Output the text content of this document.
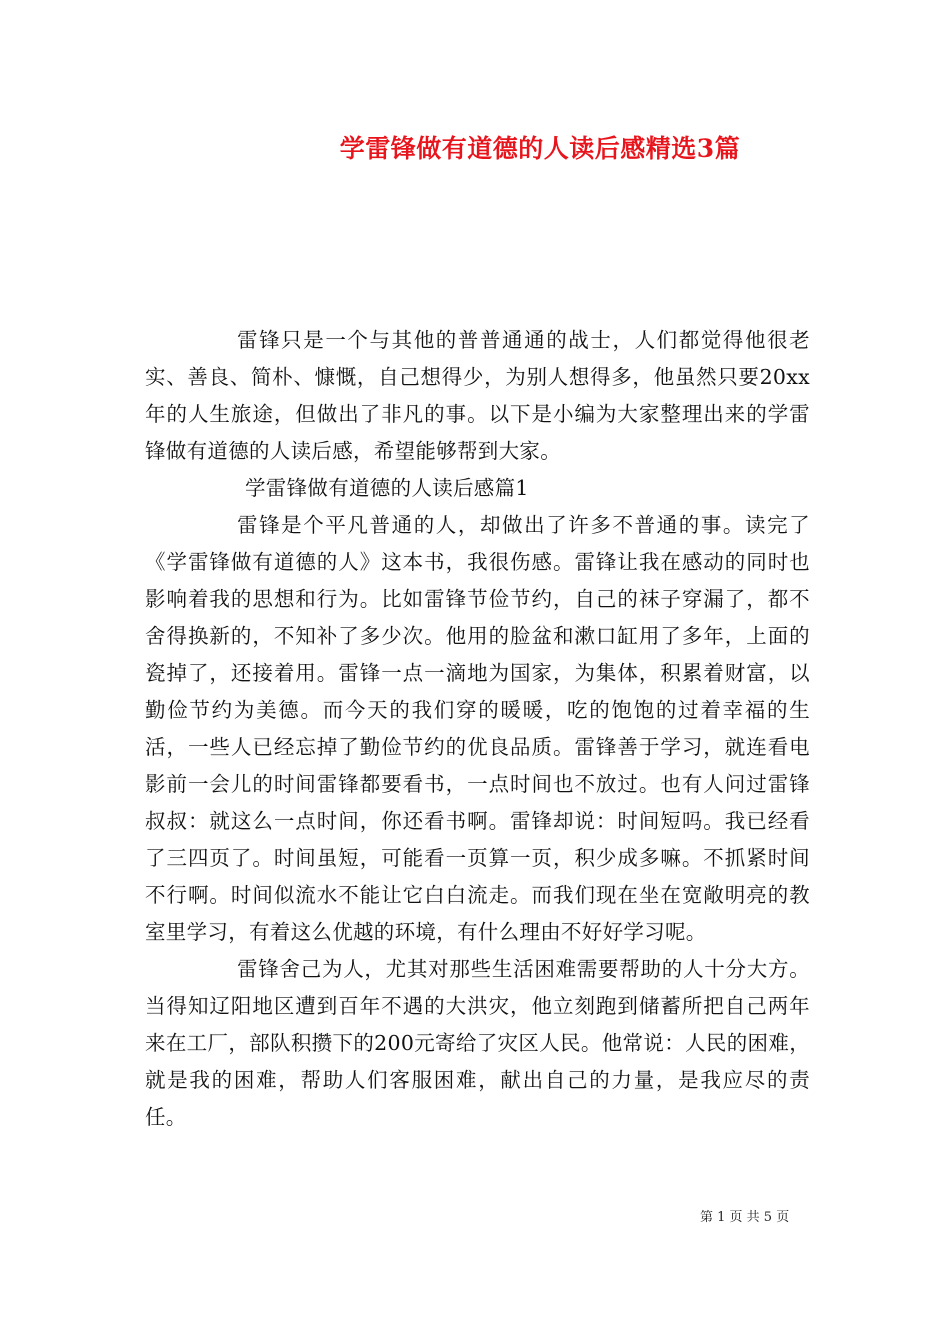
学雷锋做有道德的人读后感精选3篇

雷锋只是一个与其他的普普通通的战士，人们都觉得他很老实、善良、简朴、慷慨，自己想得少，为别人想得多，他虽然只要20xx年的人生旅途，但做出了非凡的事。以下是小编为大家整理出来的学雷锋做有道德的人读后感，希望能够帮到大家。

学雷锋做有道德的人读后感篇1

雷锋是个平凡普通的人，却做出了许多不普通的事。读完了《学雷锋做有道德的人》这本书，我很伤感。雷锋让我在感动的同时也影响着我的思想和行为。比如雷锋节俭节约，自己的袜子穿漏了，都不舍得换新的，不知补了多少次。他用的脸盆和漱口缸用了多年，上面的瓷掉了，还接着用。雷锋一点一滴地为国家，为集体，积累着财富，以勤俭节约为美德。而今天的我们穿的暖暖，吃的饱饱的过着幸福的生活，一些人已经忘掉了勤俭节约的优良品质。雷锋善于学习，就连看电影前一会儿的时间雷锋都要看书，一点时间也不放过。也有人问过雷锋叔叔：就这么一点时间，你还看书啊。雷锋却说：时间短吗。我已经看了三四页了。时间虽短，可能看一页算一页，积少成多嘛。不抓紧时间不行啊。时间似流水不能让它白白流走。而我们现在坐在宽敞明亮的教室里学习，有着这么优越的环境，有什么理由不好好学习呢。

雷锋舍己为人，尤其对那些生活困难需要帮助的人十分大方。当得知辽阳地区遭到百年不遇的大洪灾，他立刻跑到储蓄所把自己两年来在工厂，部队积攒下的200元寄给了灾区人民。他常说：人民的困难，就是我的困难，帮助人们客服困难，献出自己的力量，是我应尽的责任。

第 1 页 共 5 页
